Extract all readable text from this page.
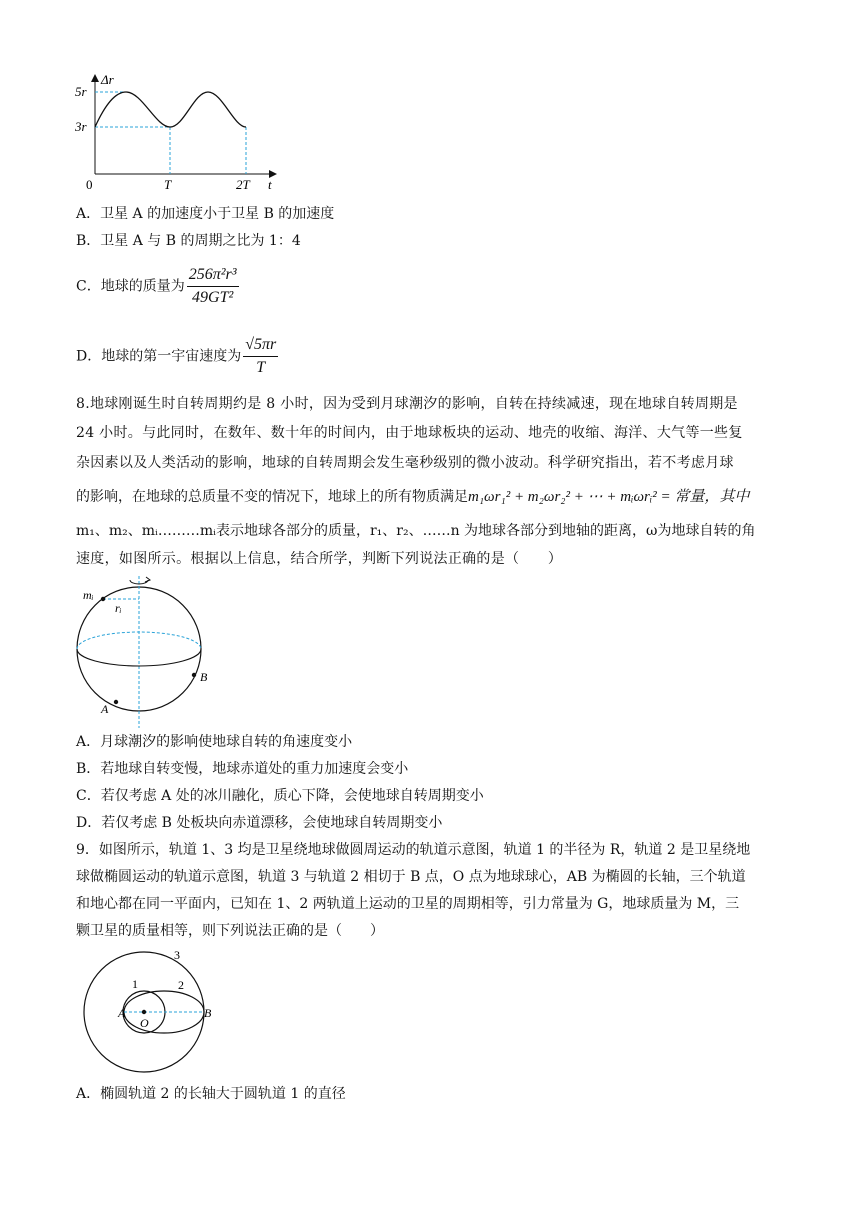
Δr
t
5r
3r
0	T	2T
A．卫星 A 的加速度小于卫星 B 的加速度
B．卫星 A 与 B 的周期之比为 1：4
C．地球的质量为 $\frac{\text{256π²r³}}{\text{49GT²}}$
D．地球的第一宇宙速度为 $\frac{√5\pi r}{T}$
8.地球刚诞生时自转周期约是 8 小时，因为受到月球潮汐的影响，自转在持续减速，现在地球自转周期是
24 小时。与此同时，在数年、数十年的时间内，由于地球板块的运动、地壳的收缩、海洋、大气等一些复
杂因素以及人类活动的影响，地球的自转周期会发生毫秒级别的微小波动。科学研究指出，若不考虑月球
的影响，在地球的总质量不变的情况下，地球上的所有物质满足m₁ωr₁² + m₂ωr₂² + ⋯ + mᵢωrᵢ² = 常量，其中
m₁、m₂、mᵢ………mᵢ表示地球各部分的质量，r₁、r₂、……n 为地球各部分到地轴的距离，ω为地球自转的角
速度，如图所示。根据以上信息，结合所学，判断下列说法正确的是（　　）
mᵢ
rᵢ
B
A
A．月球潮汐的影响使地球自转的角速度变小
B．若地球自转变慢，地球赤道处的重力加速度会变小
C．若仅考虑 A 处的冰川融化，质心下降，会使地球自转周期变小
D．若仅考虑 B 处板块向赤道漂移，会使地球自转周期变小
9．如图所示，轨道 1、3 均是卫星绕地球做圆周运动的轨道示意图，轨道 1 的半径为 R，轨道 2 是卫星绕地
球做椭圆运动的轨道示意图，轨道 3 与轨道 2 相切于 B 点，O 点为地球球心，AB 为椭圆的长轴，三个轨道
和地心都在同一平面内，已知在 1、2 两轨道上运动的卫星的周期相等，引力常量为 G，地球质量为 M，三
颗卫星的质量相等，则下列说法正确的是（　　）
1	2
3
A	B
O
A．椭圆轨道 2 的长轴大于圆轨道 1 的直径
